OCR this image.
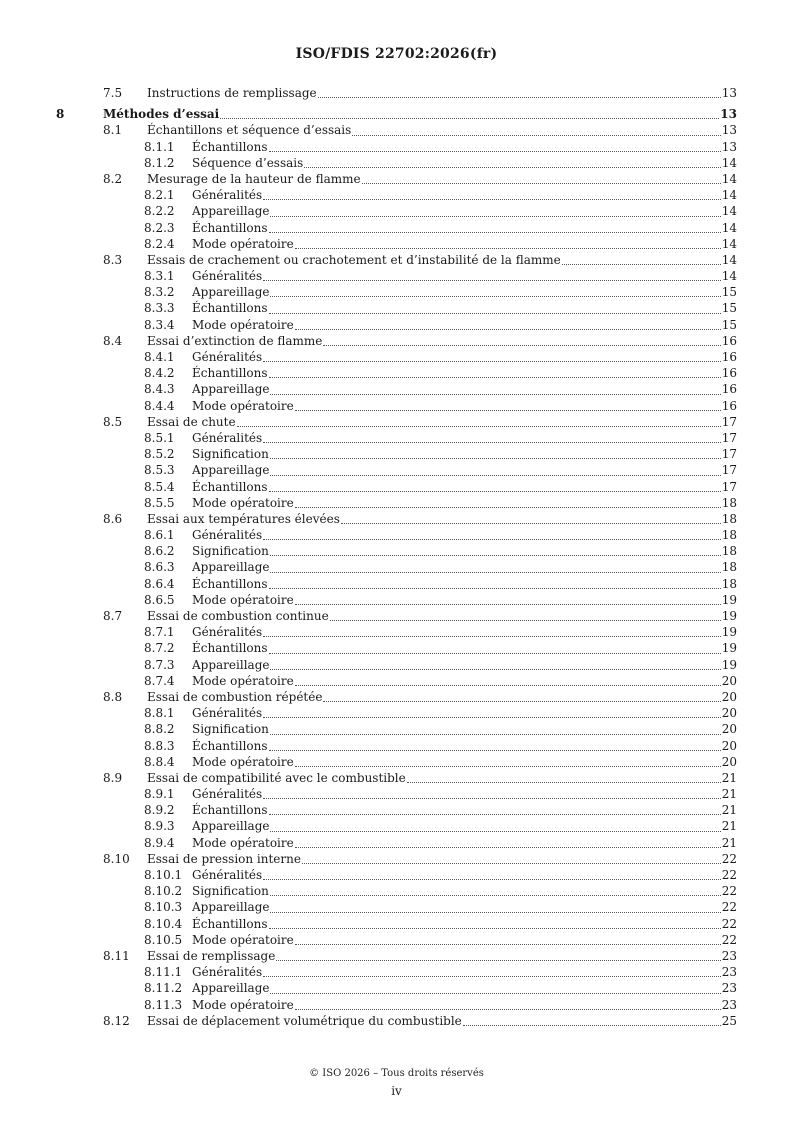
ISO/FDIS 22702:2026(fr)
7.5 Instructions de remplissage	13
8	Méthodes d’essai	13
8.1 Échantillons et séquence d’essais	13
8.1.1 Échantillons	13
8.1.2 Séquence d’essais	14
8.2 Mesurage de la hauteur de flamme	14
8.2.1 Généralités	14
8.2.2 Appareillage	14
8.2.3 Échantillons	14
8.2.4 Mode opératoire	14
8.3 Essais de crachement ou crachotement et d’instabilité de la flamme	14
8.3.1 Généralités	14
8.3.2 Appareillage	15
8.3.3 Échantillons	15
8.3.4 Mode opératoire	15
8.4 Essai d’extinction de flamme	16
8.4.1 Généralités	16
8.4.2 Échantillons	16
8.4.3 Appareillage	16
8.4.4 Mode opératoire	16
8.5 Essai de chute	17
8.5.1 Généralités	17
8.5.2 Signification	17
8.5.3 Appareillage	17
8.5.4 Échantillons	17
8.5.5 Mode opératoire	18
8.6 Essai aux températures élevées	18
8.6.1 Généralités	18
8.6.2 Signification	18
8.6.3 Appareillage	18
8.6.4 Échantillons	18
8.6.5 Mode opératoire	19
8.7 Essai de combustion continue	19
8.7.1 Généralités	19
8.7.2 Échantillons	19
8.7.3 Appareillage	19
8.7.4 Mode opératoire	20
8.8 Essai de combustion répétée	20
8.8.1 Généralités	20
8.8.2 Signification	20
8.8.3 Échantillons	20
8.8.4 Mode opératoire	20
8.9 Essai de compatibilité avec le combustible	21
8.9.1 Généralités	21
8.9.2 Échantillons	21
8.9.3 Appareillage	21
8.9.4 Mode opératoire	21
8.10 Essai de pression interne	22
8.10.1 Généralités	22
8.10.2 Signification	22
8.10.3 Appareillage	22
8.10.4 Échantillons	22
8.10.5 Mode opératoire	22
8.11 Essai de remplissage	23
8.11.1 Généralités	23
8.11.2 Appareillage	23
8.11.3 Mode opératoire	23
8.12 Essai de déplacement volumétrique du combustible	25
© ISO 2026 – Tous droits réservés
iv
